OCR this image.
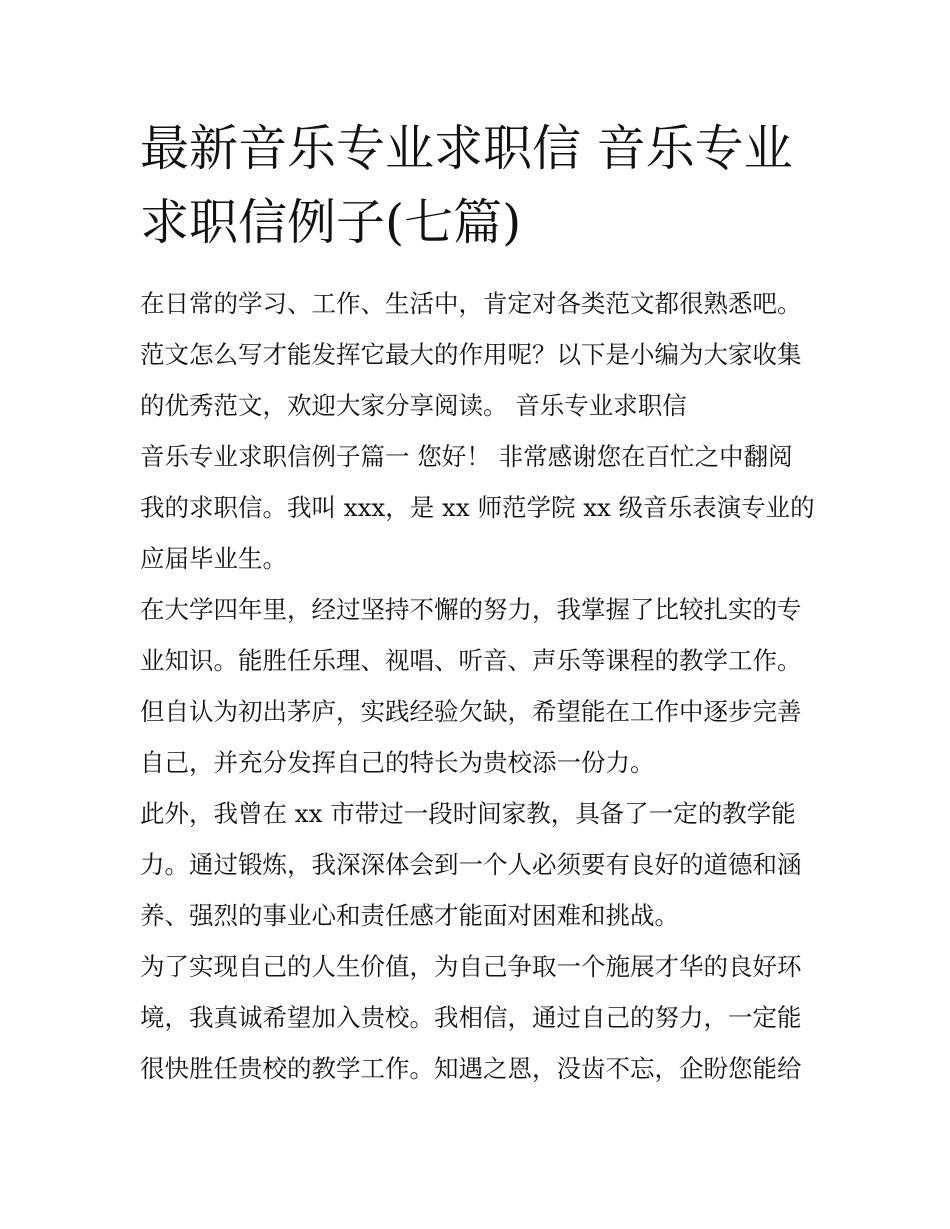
最新音乐专业求职信 音乐专业
求职信例子(七篇)

在日常的学习、工作、生活中，肯定对各类范文都很熟悉吧。
范文怎么写才能发挥它最大的作用呢？以下是小编为大家收集
的优秀范文，欢迎大家分享阅读。 音乐专业求职信

音乐专业求职信例子篇一 您好！ 非常感谢您在百忙之中翻阅
我的求职信。我叫 xxx，是 xx 师范学院 xx 级音乐表演专业的
应届毕业生。

在大学四年里，经过坚持不懈的努力，我掌握了比较扎实的专
业知识。能胜任乐理、视唱、听音、声乐等课程的教学工作。
但自认为初出茅庐，实践经验欠缺，希望能在工作中逐步完善
自己，并充分发挥自己的特长为贵校添一份力。

此外，我曾在 xx 市带过一段时间家教，具备了一定的教学能
力。通过锻炼，我深深体会到一个人必须要有良好的道德和涵
养、强烈的事业心和责任感才能面对困难和挑战。

为了实现自己的人生价值，为自己争取一个施展才华的良好环
境，我真诚希望加入贵校。我相信，通过自己的努力，一定能
很快胜任贵校的教学工作。知遇之恩，没齿不忘，企盼您能给
